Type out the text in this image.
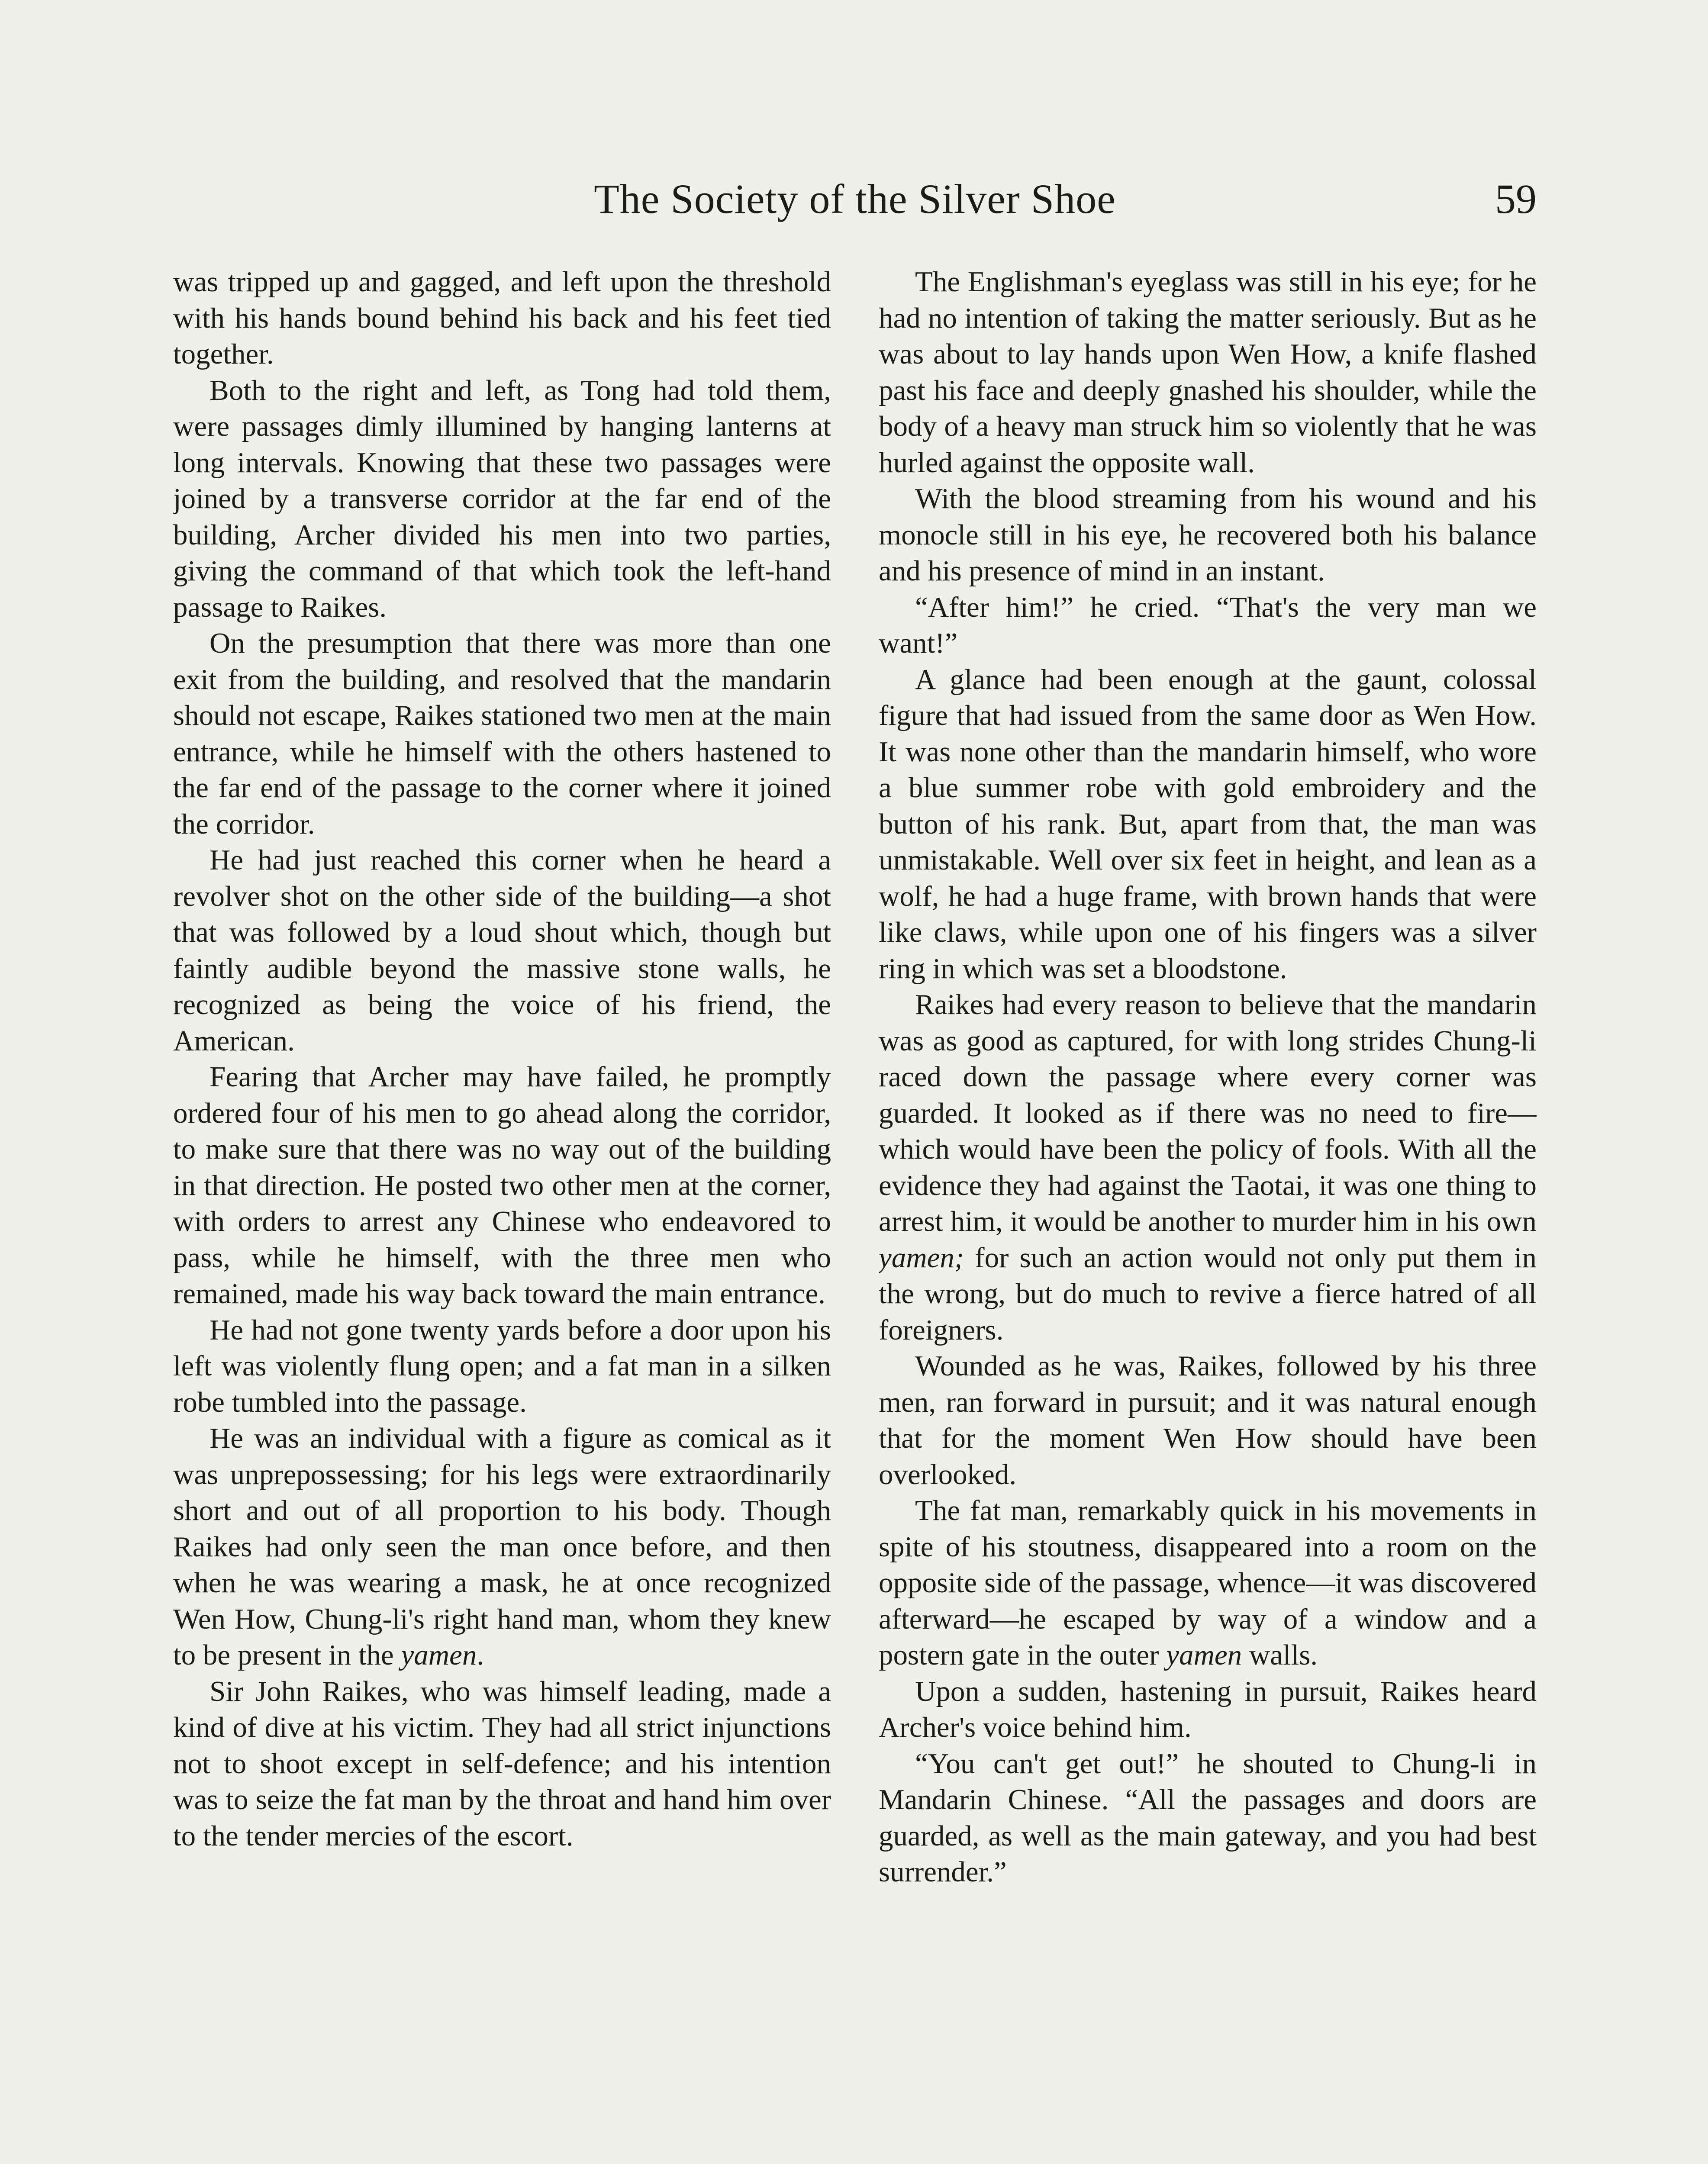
The Society of the Silver Shoe	59

was tripped up and gagged, and left upon the threshold with his hands bound behind his back and his feet tied together.

Both to the right and left, as Tong had told them, were passages dimly illumined by hanging lanterns at long intervals. Knowing that these two passages were joined by a transverse corridor at the far end of the building, Archer divided his men into two parties, giving the command of that which took the left-hand passage to Raikes.

On the presumption that there was more than one exit from the building, and resolved that the mandarin should not escape, Raikes stationed two men at the main entrance, while he himself with the others hastened to the far end of the passage to the corner where it joined the corridor.

He had just reached this corner when he heard a revolver shot on the other side of the building—a shot that was followed by a loud shout which, though but faintly audible beyond the massive stone walls, he recognized as being the voice of his friend, the American.

Fearing that Archer may have failed, he promptly ordered four of his men to go ahead along the corridor, to make sure that there was no way out of the building in that direction. He posted two other men at the corner, with orders to arrest any Chinese who endeavored to pass, while he himself, with the three men who remained, made his way back toward the main entrance.

He had not gone twenty yards before a door upon his left was violently flung open; and a fat man in a silken robe tumbled into the passage.

He was an individual with a figure as comical as it was unprepossessing; for his legs were extraordinarily short and out of all proportion to his body. Though Raikes had only seen the man once before, and then when he was wearing a mask, he at once recognized Wen How, Chung-li's right hand man, whom they knew to be present in the yamen.

Sir John Raikes, who was himself leading, made a kind of dive at his victim. They had all strict injunctions not to shoot except in self-defence; and his intention was to seize the fat man by the throat and hand him over to the tender mercies of the escort.

The Englishman's eyeglass was still in his eye; for he had no intention of taking the matter seriously. But as he was about to lay hands upon Wen How, a knife flashed past his face and deeply gnashed his shoulder, while the body of a heavy man struck him so violently that he was hurled against the opposite wall.

With the blood streaming from his wound and his monocle still in his eye, he recovered both his balance and his presence of mind in an instant.

“After him!” he cried. “That's the very man we want!”

A glance had been enough at the gaunt, colossal figure that had issued from the same door as Wen How. It was none other than the mandarin himself, who wore a blue summer robe with gold embroidery and the button of his rank. But, apart from that, the man was unmistakable. Well over six feet in height, and lean as a wolf, he had a huge frame, with brown hands that were like claws, while upon one of his fingers was a silver ring in which was set a bloodstone.

Raikes had every reason to believe that the mandarin was as good as captured, for with long strides Chung-li raced down the passage where every corner was guarded. It looked as if there was no need to fire—which would have been the policy of fools. With all the evidence they had against the Taotai, it was one thing to arrest him, it would be another to murder him in his own yamen; for such an action would not only put them in the wrong, but do much to revive a fierce hatred of all foreigners.

Wounded as he was, Raikes, followed by his three men, ran forward in pursuit; and it was natural enough that for the moment Wen How should have been overlooked.

The fat man, remarkably quick in his movements in spite of his stoutness, disappeared into a room on the opposite side of the passage, whence—it was discovered afterward—he escaped by way of a window and a postern gate in the outer yamen walls.

Upon a sudden, hastening in pursuit, Raikes heard Archer's voice behind him.

“You can't get out!” he shouted to Chung-li in Mandarin Chinese. “All the passages and doors are guarded, as well as the main gateway, and you had best surrender.”
